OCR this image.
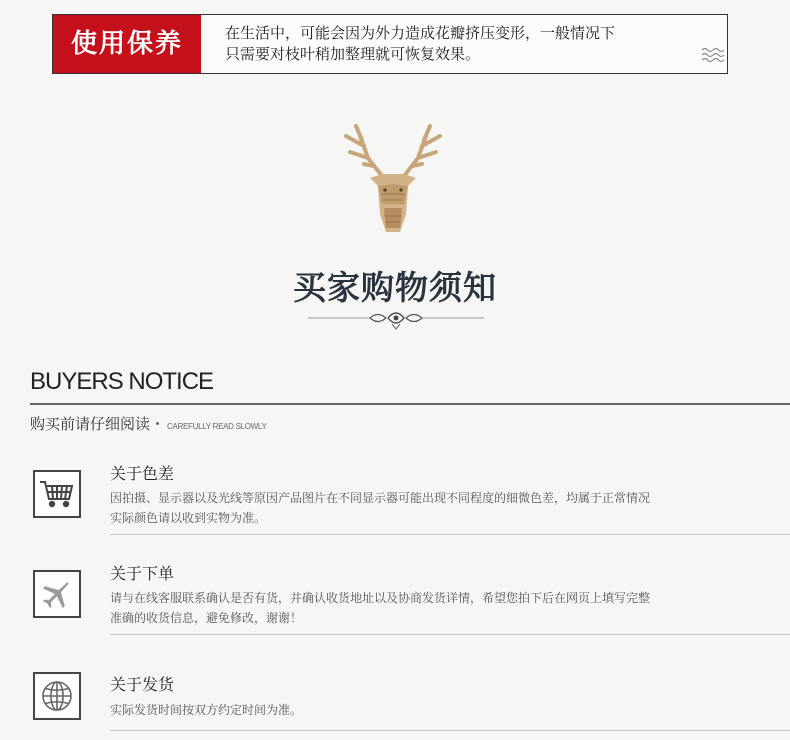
使用保养	在生活中，可能会因为外力造成花瓣挤压变形，一般情况下
只需要对枝叶稍加整理就可恢复效果。
买家购物须知
BUYERS NOTICE
购买前请仔细阅读 CAREFULLY READ SLOWLY
关于色差
因拍摄、显示器以及光线等原因产品图片在不同显示器可能出现不同程度的细微色差，均属于正常情况
实际颜色请以收到实物为准。
关于下单
请与在线客服联系确认是否有货，并确认收货地址以及协商发货详情，希望您拍下后在网页上填写完整
准确的收货信息，避免修改，谢谢！
关于发货
实际发货时间按双方约定时间为准。
